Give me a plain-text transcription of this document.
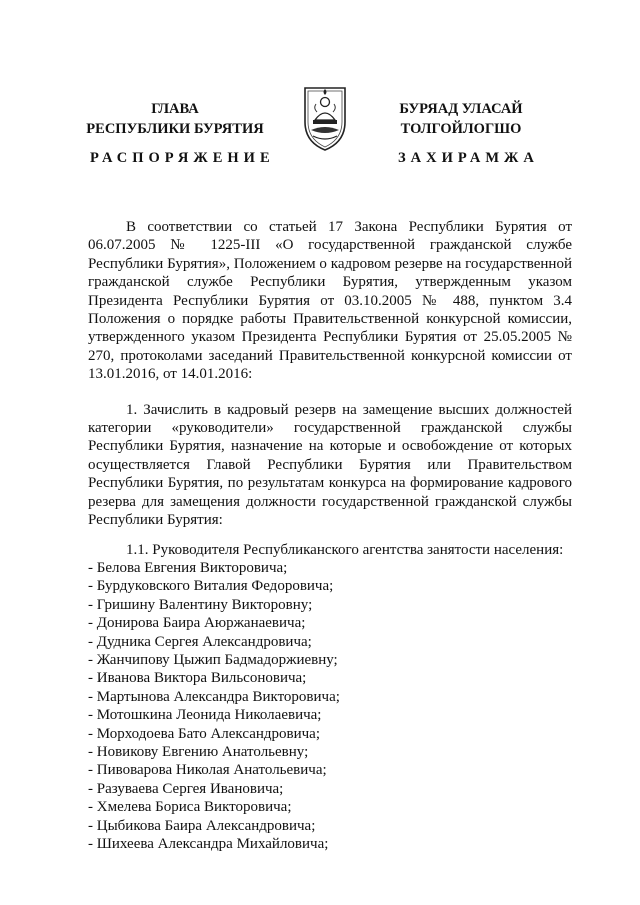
ГЛАВА
РЕСПУБЛИКИ БУРЯТИЯ
БУРЯАД УЛАСАЙ
ТОЛГОЙЛОГШО
РАСПОРЯЖЕНИЕ	ЗАХИРАМЖА

В соответствии со статьей 17 Закона Республики Бурятия от 06.07.2005 № 1225-III «О государственной гражданской службе Республики Бурятия», Положением о кадровом резерве на государственной гражданской службе Республики Бурятия, утвержденным указом Президента Республики Бурятия от 03.10.2005 № 488, пунктом 3.4 Положения о порядке работы Правительственной конкурсной комиссии, утвержденного указом Президента Республики Бурятия от 25.05.2005 № 270, протоколами заседаний Правительственной конкурсной комиссии от 13.01.2016, от 14.01.2016:

1. Зачислить в кадровый резерв на замещение высших должностей категории «руководители» государственной гражданской службы Республики Бурятия, назначение на которые и освобождение от которых осуществляется Главой Республики Бурятия или Правительством Республики Бурятия, по результатам конкурса на формирование кадрового резерва для замещения должности государственной гражданской службы Республики Бурятия:

1.1. Руководителя Республиканского агентства занятости населения:

- Белова Евгения Викторовича;
- Бурдуковского Виталия Федоровича;
- Гришину Валентину Викторовну;
- Донирова Баира Аюржанаевича;
- Дудника Сергея Александровича;
- Жанчипову Цыжип Бадмадоржиевну;
- Иванова Виктора Вильсоновича;
- Мартынова Александра Викторовича;
- Мотошкина Леонида Николаевича;
- Морходоева Бато Александровича;
- Новикову Евгению Анатольевну;
- Пивоварова Николая Анатольевича;
- Разуваева Сергея Ивановича;
- Хмелева Бориса Викторовича;
- Цыбикова Баира Александровича;
- Шихеева Александра Михайловича;
